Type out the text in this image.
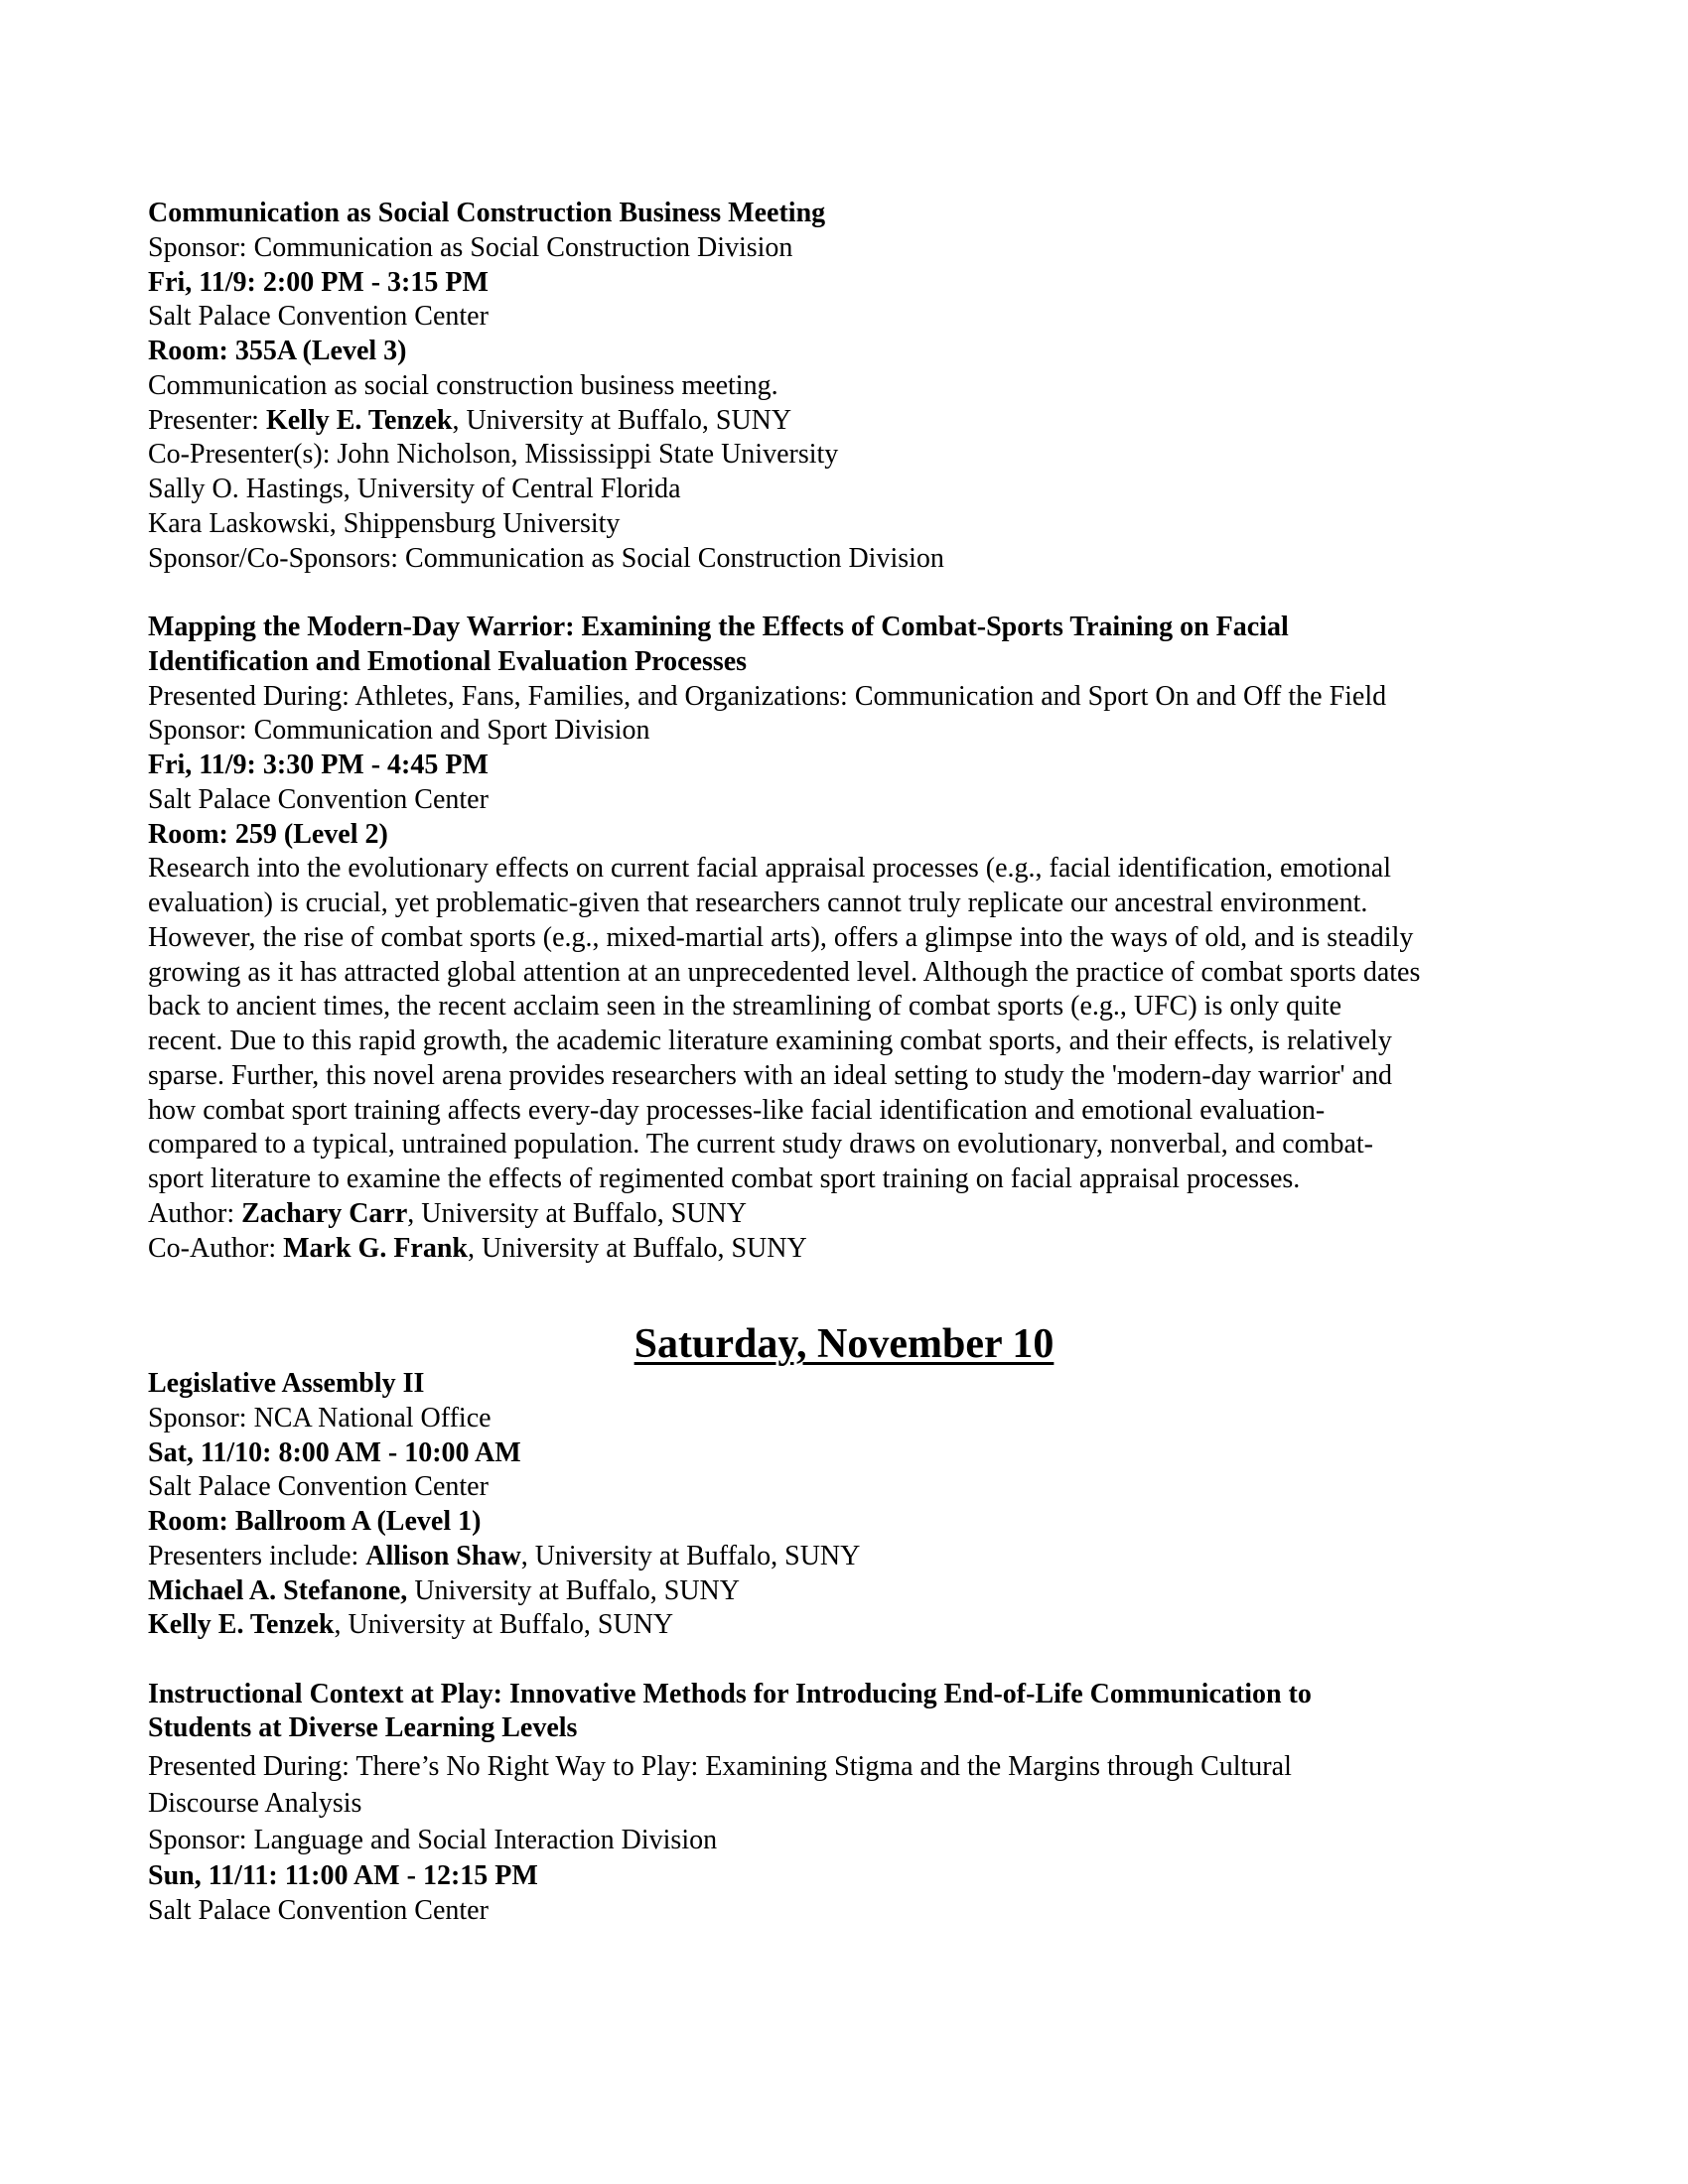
Communication as Social Construction Business Meeting
Sponsor: Communication as Social Construction Division
Fri, 11/9: 2:00 PM - 3:15 PM
Salt Palace Convention Center
Room: 355A (Level 3)
Communication as social construction business meeting.
Presenter: Kelly E. Tenzek, University at Buffalo, SUNY
Co-Presenter(s): John Nicholson, Mississippi State University
Sally O. Hastings, University of Central Florida
Kara Laskowski, Shippensburg University
Sponsor/Co-Sponsors: Communication as Social Construction Division
Mapping the Modern-Day Warrior: Examining the Effects of Combat-Sports Training on Facial
Identification and Emotional Evaluation Processes
Presented During: Athletes, Fans, Families, and Organizations: Communication and Sport On and Off the Field
Sponsor: Communication and Sport Division
Fri, 11/9: 3:30 PM - 4:45 PM
Salt Palace Convention Center
Room: 259 (Level 2)
Research into the evolutionary effects on current facial appraisal processes (e.g., facial identification, emotional
evaluation) is crucial, yet problematic-given that researchers cannot truly replicate our ancestral environment.
However, the rise of combat sports (e.g., mixed-martial arts), offers a glimpse into the ways of old, and is steadily
growing as it has attracted global attention at an unprecedented level. Although the practice of combat sports dates
back to ancient times, the recent acclaim seen in the streamlining of combat sports (e.g., UFC) is only quite
recent. Due to this rapid growth, the academic literature examining combat sports, and their effects, is relatively
sparse. Further, this novel arena provides researchers with an ideal setting to study the 'modern-day warrior' and
how combat sport training affects every-day processes-like facial identification and emotional evaluation-
compared to a typical, untrained population. The current study draws on evolutionary, nonverbal, and combat-
sport literature to examine the effects of regimented combat sport training on facial appraisal processes.
Author: Zachary Carr, University at Buffalo, SUNY
Co-Author: Mark G. Frank, University at Buffalo, SUNY
Saturday, November 10
Legislative Assembly II
Sponsor: NCA National Office
Sat, 11/10: 8:00 AM - 10:00 AM
Salt Palace Convention Center
Room: Ballroom A (Level 1)
Presenters include: Allison Shaw, University at Buffalo, SUNY
Michael A. Stefanone, University at Buffalo, SUNY
Kelly E. Tenzek, University at Buffalo, SUNY
Instructional Context at Play: Innovative Methods for Introducing End-of-Life Communication to
Students at Diverse Learning Levels
Presented During: There’s No Right Way to Play: Examining Stigma and the Margins through Cultural
Discourse Analysis
Sponsor: Language and Social Interaction Division
Sun, 11/11: 11:00 AM - 12:15 PM
Salt Palace Convention Center
